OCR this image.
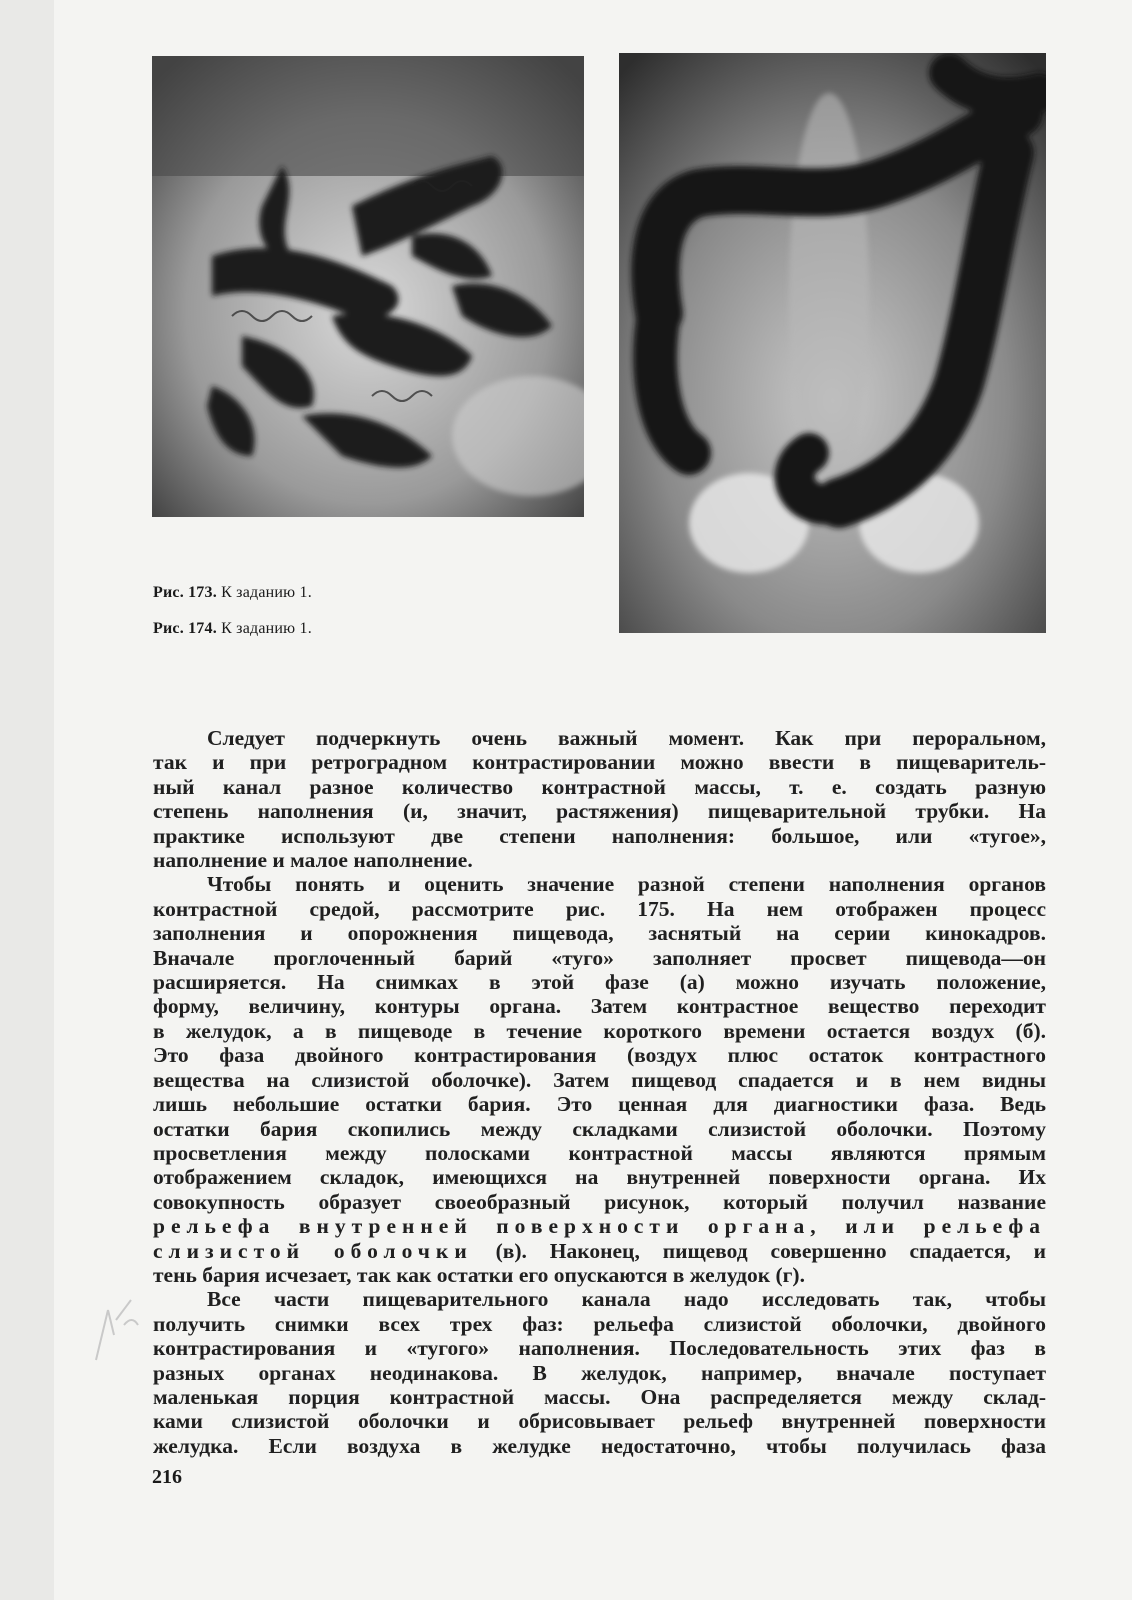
Рис. 173. К заданию 1.
Рис. 174. К заданию 1.

Следует подчеркнуть очень важный момент. Как при пероральном,
так и при ретроградном контрастировании можно ввести в пищеваритель-
ный канал разное количество контрастной массы, т. е. создать разную
степень наполнения (и, значит, растяжения) пищеварительной трубки. На
практике используют две степени наполнения: большое, или «тугое»,
наполнение и малое наполнение.

Чтобы понять и оценить значение разной степени наполнения органов
контрастной средой, рассмотрите рис. 175. На нем отображен процесс
заполнения и опорожнения пищевода, заснятый на серии кинокадров.
Вначале проглоченный барий «туго» заполняет просвет пищевода—он
расширяется. На снимках в этой фазе (а) можно изучать положение,
форму, величину, контуры органа. Затем контрастное вещество переходит
в желудок, а в пищеводе в течение короткого времени остается воздух (б).
Это фаза двойного контрастирования (воздух плюс остаток контрастного
вещества на слизистой оболочке). Затем пищевод спадается и в нем видны
лишь небольшие остатки бария. Это ценная для диагностики фаза. Ведь
остатки бария скопились между складками слизистой оболочки. Поэтому
просветления между полосками контрастной массы являются прямым
отображением складок, имеющихся на внутренней поверхности органа. Их
совокупность образует своеобразный рисунок, который получил название
рельефа внутренней поверхности органа, или рельефа
слизистой оболочки (в). Наконец, пищевод совершенно спадается, и
тень бария исчезает, так как остатки его опускаются в желудок (г).

Все части пищеварительного канала надо исследовать так, чтобы
получить снимки всех трех фаз: рельефа слизистой оболочки, двойного
контрастирования и «тугого» наполнения. Последовательность этих фаз в
разных органах неодинакова. В желудок, например, вначале поступает
маленькая порция контрастной массы. Она распределяется между склад-
ками слизистой оболочки и обрисовывает рельеф внутренней поверхности
желудка. Если воздуха в желудке недостаточно, чтобы получилась фаза

216
